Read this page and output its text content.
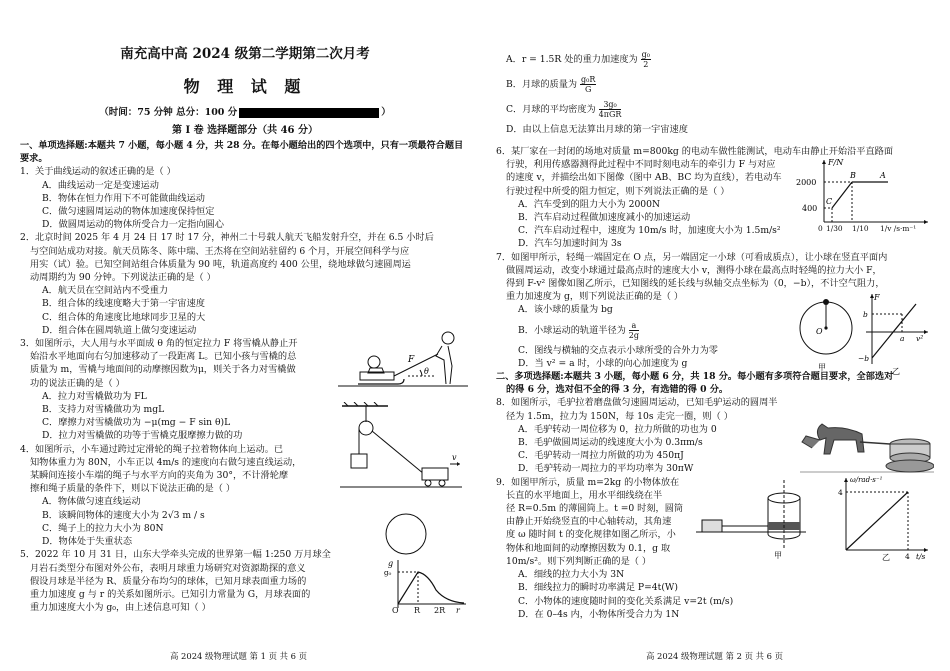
南充高中高 2024 级第二学期第二次月考
物 理 试 题
（时间：75 分钟 总分：100 分	）
第 Ⅰ 卷 选择题部分（共 46 分）

一、单项选择题:本题共 7 小题，每小题 4 分，共 28 分。在每小题给出的四个选项中，只有一项最符合题目要求。

1．关于曲线运动的叙述正确的是（ ）

A．曲线运动一定是变速运动

B．物体在恒力作用下不可能做曲线运动

C．做匀速圆周运动的物体加速度保持恒定

D．做圆周运动的物体所受合力一定指向圆心

2．北京时间 2025 年 4 月 24 日 17 时 17 分，神州二十号载人航天飞船发射升空，并在 6.5 小时后

与空间站成功对接。航天员陈冬、陈中瑞、王杰将在空间站驻留约 6 个月，开展空间科学与应

用实（试）验。已知空间站组合体质量为 90 吨，轨道高度约 400 公里，绕地球做匀速圆周运

动周期约为 90 分钟。下列说法正确的是（ ）

A．航天员在空间站内不受重力

B．组合体的线速度略大于第一宇宙速度

C．组合体的角速度比地球同步卫星的大

D．组合体在圆周轨道上做匀变速运动

3．如图所示，大人用与水平面成 θ 角的恒定拉力 F 将雪橇从静止开

始沿水平地面向右匀加速移动了一段距离 L。已知小孩与雪橇的总

质量为 m，雪橇与地面间的动摩擦因数为μ，则关于各力对雪橇做

功的说法正确的是（ ）

A．拉力对雪橇做功为 FL

B．支持力对雪橇做功为 mgL

C．摩擦力对雪橇做功为 −μ(mg − F sin θ)L

D．拉力对雪橇做的功等于雪橇克服摩擦力做的功

4．如图所示，小车通过跨过定滑轮的绳子拉着物体向上运动。已

知物体重力为 80N，小车正以 4m/s 的速度向右做匀速直线运动，

某瞬间连接小车端的绳子与水平方向的夹角为 30°，不计滑轮摩

擦和绳子质量的条件下，则以下说法正确的是（ ）

A．物体做匀速直线运动

B．该瞬间物体的速度大小为 2√3 m / s

C．绳子上的拉力大小为 80N

D．物体处于失重状态

5．2022 年 10 月 31 日，山东大学牵头完成的世界第一幅 1:250 万月球全

月岩石类型分布图对外公布，表明月球重力场研究对资源勘探的意义

假设月球是半径为 R、质量分布均匀的球体，已知月球表面重力场的

重力加速度 g 与 r 的关系如图所示。已知引力常量为 G，月球表面的

重力加速度大小为 g₀，由上述信息可知（ ）

θ
F
v
g
g₀
O R 2R r
高 2024 级物理试题 第 1 页 共 6 页

A．r = 1.5R 处的重力加速度为 $\frac{\text{g₀}}{2}$

B．月球的质量为 $\frac{\text{g₀R}}{G}$

C．月球的平均密度为 $\frac{\text{3g₀}}{\text{4πGR}}$

D．由以上信息无法算出月球的第一宇宙速度

6．某厂家在一封闭的场地对质量 m=800kg 的电动车做性能测试，电动车由静止开始沿平直路面

行驶，利用传感器测得此过程中不同时刻电动车的牵引力 F 与对应

的速度 v，并描绘出如下图像（图中 AB、BC 均为直线），若电动车

行驶过程中所受的阻力恒定，则下列说法正确的是（ ）

A．汽车受到的阻力大小为 2000N

B．汽车启动过程做加速度减小的加速运动

C．汽车启动过程中，速度为 10m/s 时，加速度大小为 1.5m/s²

D．汽车匀加速时间为 3s

7．如图甲所示，轻绳一端固定在 O 点，另一端固定一小球（可看成质点），让小球在竖直平面内

做圆周运动，改变小球通过最高点时的速度大小 v，测得小球在最高点时轻绳的拉力大小 F，

得到 F-v² 图像如图乙所示，已知图线的延长线与纵轴交点坐标为（0，−b），不计空气阻力，

重力加速度为 g，则下列说法正确的是（ ）

A．该小球的质量为 bg

B．小球运动的轨道半径为 $\frac{a}{2g}$

C．图线与横轴的交点表示小球所受的合外力为零

D．当 v² = a 时，小球的向心加速度为 g

二、多项选择题:本题共 3 小题，每小题 6 分，共 18 分。每小题有多项符合题目要求，全部选对

的得 6 分，选对但不全的得 3 分，有选错的得 0 分。

8．如图所示，毛驴拉着磨盘做匀速圆周运动，已知毛驴运动的圆周半

径为 1.5m，拉力为 150N，每 10s 走完一圈，则（ ）

A．毛驴转动一周位移为 0，拉力所做的功也为 0

B．毛驴做圆周运动的线速度大小为 0.3πm/s

C．毛驴转动一周拉力所做的功为 450πJ

D．毛驴转动一周拉力的平均功率为 30πW

9．如图甲所示，质量 m=2kg 的小物体放在

长直的水平地面上，用水平细线绕在半

径 R=0.5m 的薄圆筒上。t =0 时刻，圆筒

由静止开始绕竖直的中心轴转动，其角速

度 ω 随时间 t 的变化规律如图乙所示，小

物体和地面间的动摩擦因数为 0.1，g 取

10m/s²。则下列判断正确的是（ ）

A．细线的拉力大小为 3N

B．细线拉力的瞬时功率满足 P=4t(W)

C．小物体的速度随时间的变化关系满足 v=2t (m/s)

D．在 0–4s 内，小物体所受合力为 1N

F/N
2000
400
B	A
C
0 1/30 1/10 1/v /s·m⁻¹
O
甲
F
b
−b
a v²
乙
甲
ω/rad·s⁻¹
4
4 t/s
乙
高 2024 级物理试题 第 2 页 共 6 页
